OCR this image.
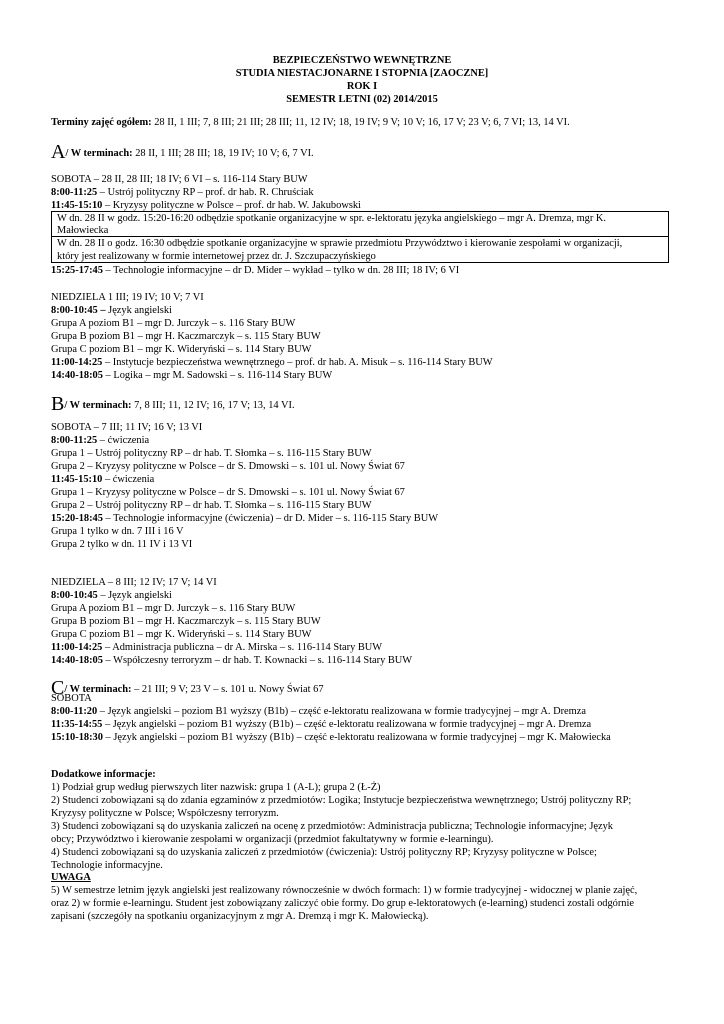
BEZPIECZEŃSTWO WEWNĘTRZNE
STUDIA NIESTACJONARNE I STOPNIA [ZAOCZNE]
ROK I
SEMESTR LETNI (02) 2014/2015
Terminy zajęć ogółem: 28 II, 1 III; 7, 8 III; 21 III; 28 III; 11, 12 IV; 18, 19 IV; 9 V; 10 V; 16, 17 V; 23 V; 6, 7 VI; 13, 14 VI.
A/ W terminach: 28 II, 1 III; 28 III; 18, 19 IV; 10 V; 6, 7 VI.
SOBOTA – 28 II, 28 III; 18 IV; 6 VI – s. 116-114 Stary BUW
8:00-11:25 – Ustrój polityczny RP – prof. dr hab. R. Chruściak
11:45-15:10 – Kryzysy polityczne w Polsce – prof. dr hab. W. Jakubowski
W dn. 28 II w godz. 15:20-16:20 odbędzie spotkanie organizacyjne w spr. e-lektoratu języka angielskiego – mgr A. Dremza, mgr K.
Małowiecka
W dn. 28 II o godz. 16:30 odbędzie spotkanie organizacyjne w sprawie przedmiotu Przywództwo i kierowanie zespołami w organizacji,
który jest realizowany w formie internetowej przez dr. J. Szczupaczyńskiego
15:25-17:45 – Technologie informacyjne – dr D. Mider – wykład – tylko w dn. 28 III; 18 IV; 6 VI
NIEDZIELA 1 III; 19 IV; 10 V; 7 VI
8:00-10:45 – Język angielski
Grupa A poziom B1 – mgr D. Jurczyk – s. 116 Stary BUW
Grupa B poziom B1 – mgr H. Kaczmarczyk – s. 115 Stary BUW
Grupa C poziom B1 – mgr K. Wideryński – s. 114 Stary BUW
11:00-14:25 – Instytucje bezpieczeństwa wewnętrznego – prof. dr hab. A. Misuk – s. 116-114 Stary BUW
14:40-18:05 – Logika – mgr M. Sadowski – s. 116-114 Stary BUW
B/ W terminach: 7, 8 III; 11, 12 IV; 16, 17 V; 13, 14 VI.
SOBOTA – 7 III; 11 IV; 16 V; 13 VI
8:00-11:25 – ćwiczenia
Grupa 1 – Ustrój polityczny RP – dr hab. T. Słomka – s. 116-115 Stary BUW
Grupa 2 – Kryzysy polityczne w Polsce – dr S. Dmowski – s. 101 ul. Nowy Świat 67
11:45-15:10 – ćwiczenia
Grupa 1 – Kryzysy polityczne w Polsce – dr S. Dmowski – s. 101 ul. Nowy Świat 67
Grupa 2 – Ustrój polityczny RP – dr hab. T. Słomka – s. 116-115 Stary BUW
15:20-18:45 – Technologie informacyjne (ćwiczenia) – dr D. Mider – s. 116-115 Stary BUW
Grupa 1 tylko w dn. 7 III i 16 V
Grupa 2 tylko w dn. 11 IV i 13 VI
NIEDZIELA – 8 III; 12 IV; 17 V; 14 VI
8:00-10:45 – Język angielski
Grupa A poziom B1 – mgr D. Jurczyk – s. 116 Stary BUW
Grupa B poziom B1 – mgr H. Kaczmarczyk – s. 115 Stary BUW
Grupa C poziom B1 – mgr K. Wideryński – s. 114 Stary BUW
11:00-14:25 – Administracja publiczna – dr A. Mirska – s. 116-114 Stary BUW
14:40-18:05 – Współczesny terroryzm – dr hab. T. Kownacki – s. 116-114 Stary BUW
C/ W terminach: – 21 III; 9 V; 23 V – s. 101 u. Nowy Świat 67
SOBOTA
8:00-11:20 – Język angielski – poziom B1 wyższy (B1b) – część e-lektoratu realizowana w formie tradycyjnej – mgr A. Dremza
11:35-14:55 – Język angielski – poziom B1 wyższy (B1b) – część e-lektoratu realizowana w formie tradycyjnej – mgr A. Dremza
15:10-18:30 – Język angielski – poziom B1 wyższy (B1b) – część e-lektoratu realizowana w formie tradycyjnej – mgr K. Małowiecka
Dodatkowe informacje:
1) Podział grup według pierwszych liter nazwisk: grupa 1 (A-L); grupa 2 (Ł-Ż)
2) Studenci zobowiązani są do zdania egzaminów z przedmiotów: Logika; Instytucje bezpieczeństwa wewnętrznego; Ustrój polityczny RP;
Kryzysy polityczne w Polsce; Współczesny terroryzm.
3) Studenci zobowiązani są do uzyskania zaliczeń na ocenę z przedmiotów: Administracja publiczna; Technologie informacyjne; Język
obcy; Przywództwo i kierowanie zespołami w organizacji (przedmiot fakultatywny w formie e-learningu).
4) Studenci zobowiązani są do uzyskania zaliczeń z przedmiotów (ćwiczenia): Ustrój polityczny RP; Kryzysy polityczne w Polsce;
Technologie informacyjne.
UWAGA
5) W semestrze letnim język angielski jest realizowany równocześnie w dwóch formach: 1) w formie tradycyjnej - widocznej w planie zajęć,
oraz 2) w formie e-learningu. Student jest zobowiązany zaliczyć obie formy. Do grup e-lektoratowych (e-learning) studenci zostali odgórnie
zapisani (szczegóły na spotkaniu organizacyjnym z mgr A. Dremzą i mgr K. Małowiecką).
